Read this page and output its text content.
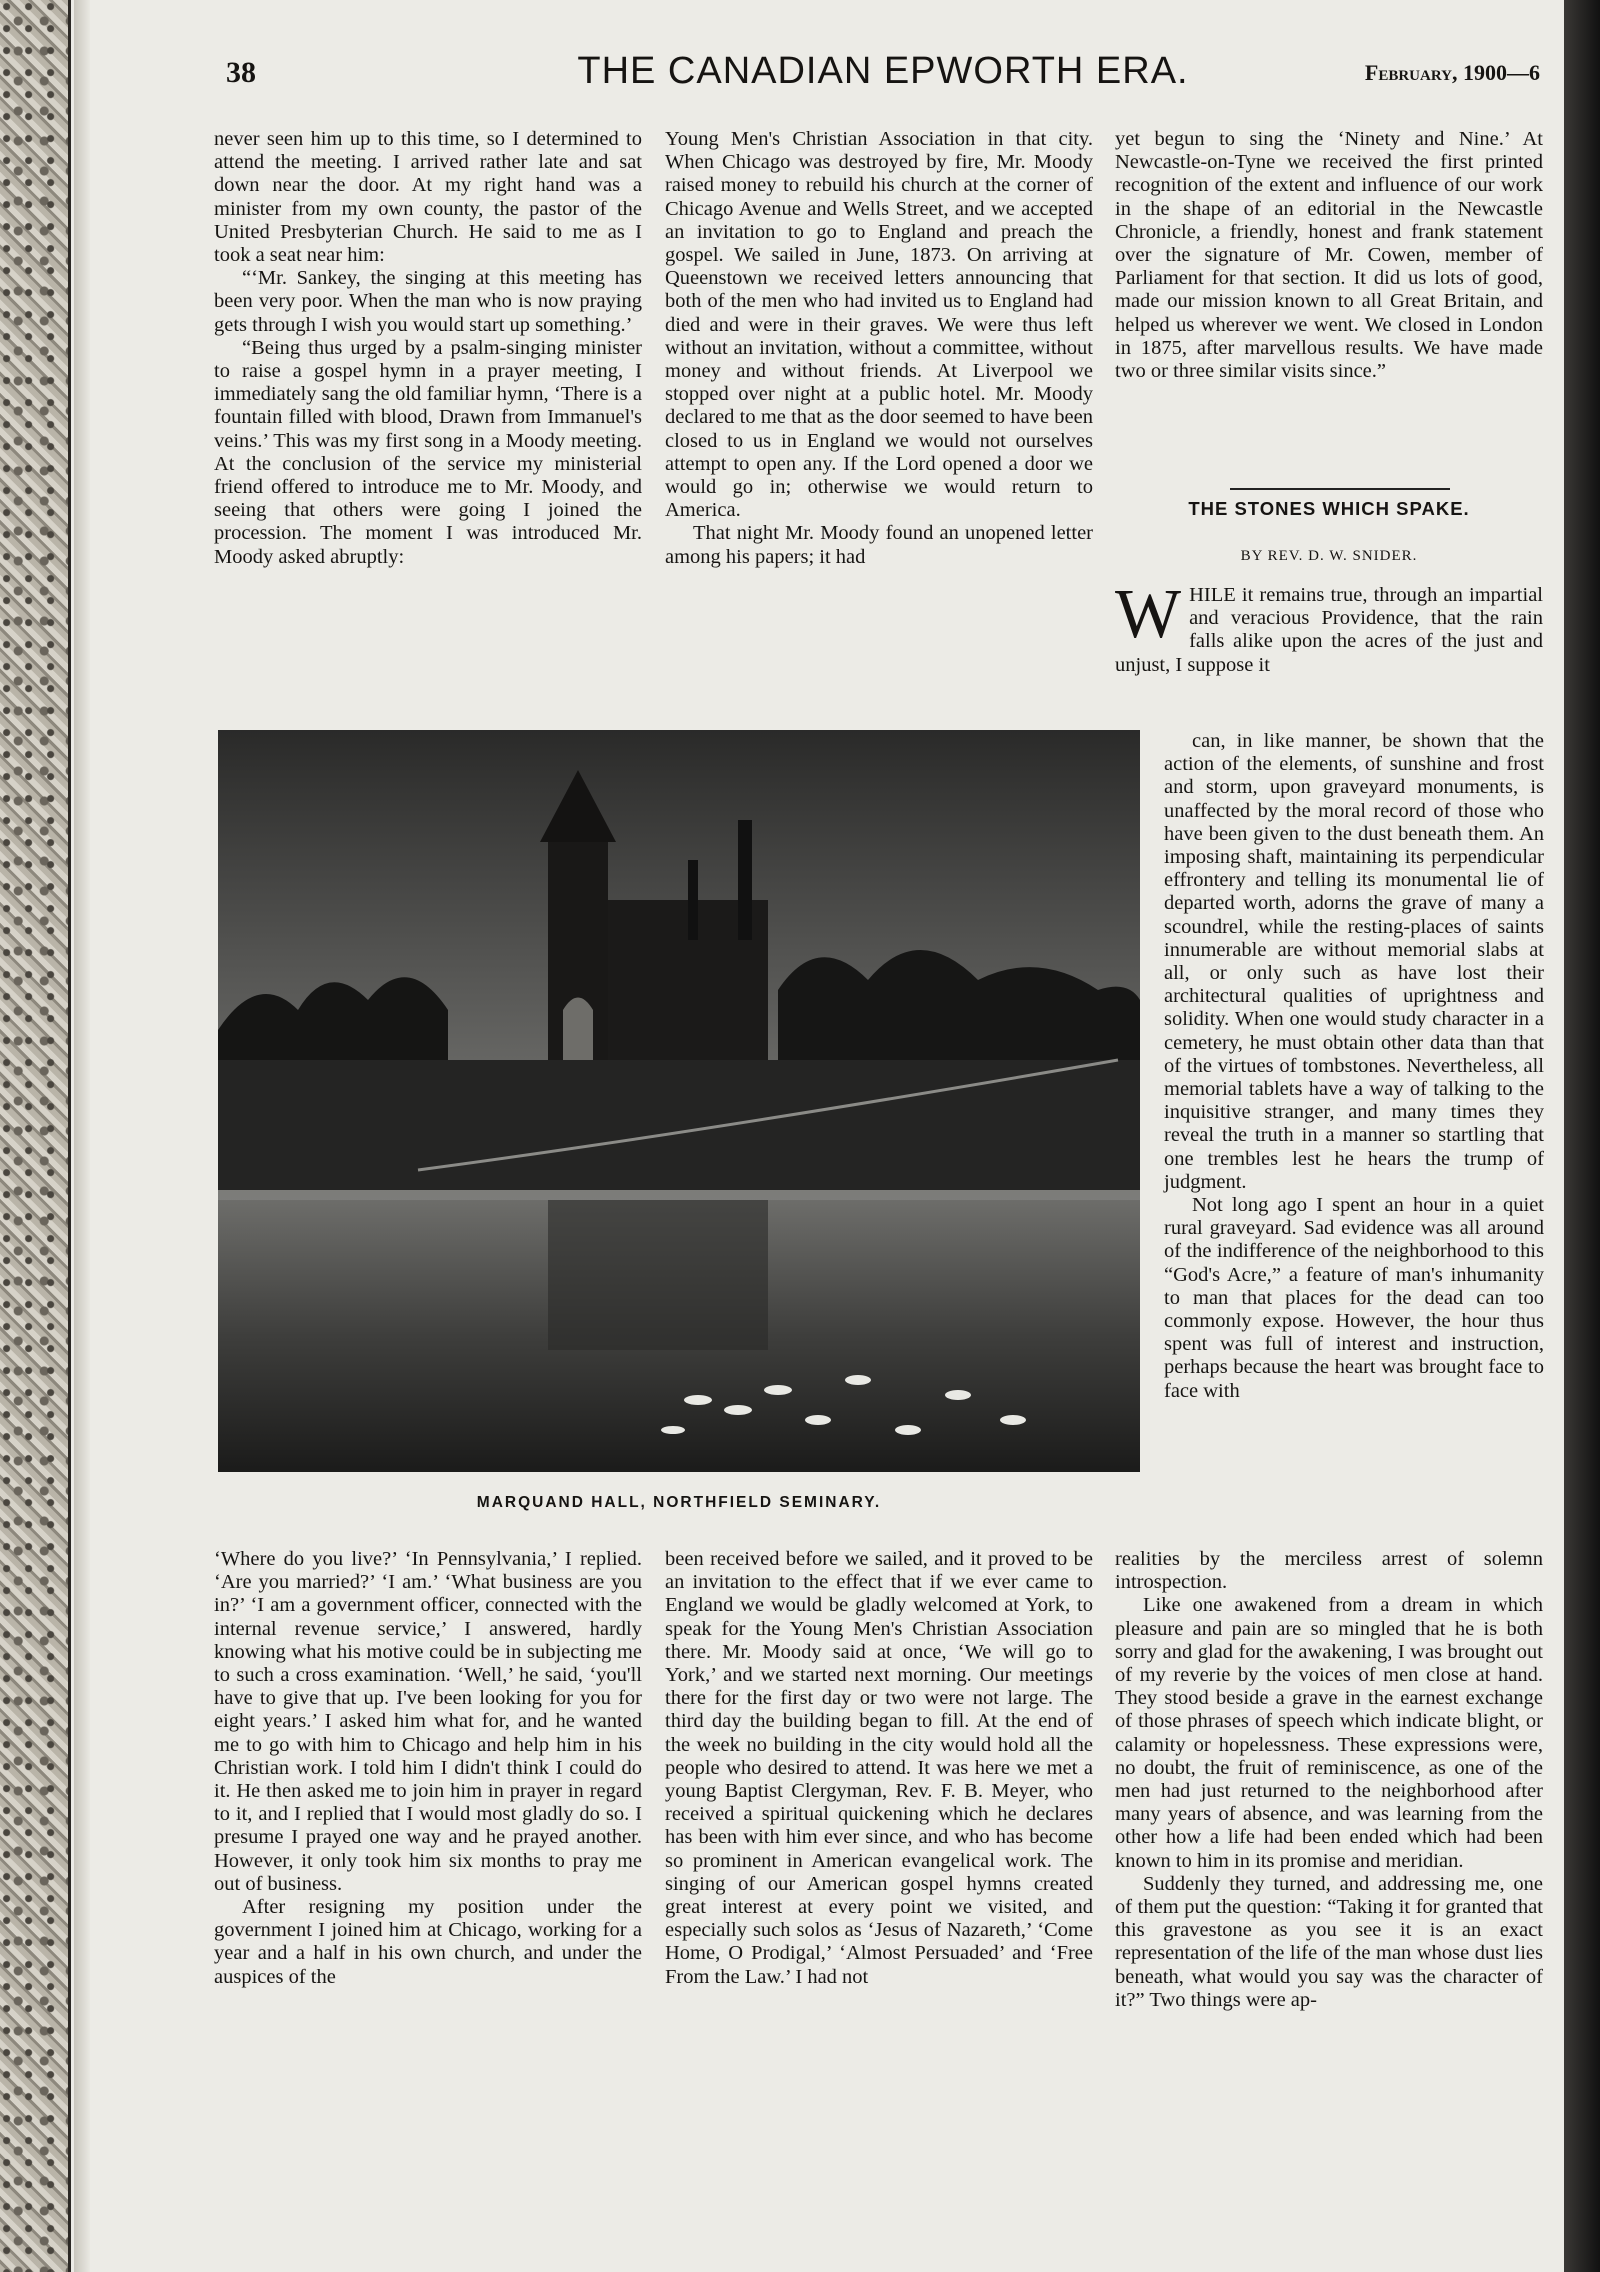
38	THE CANADIAN EPWORTH ERA.	February, 1900—6

never seen him up to this time, so I determined to attend the meeting. I arrived rather late and sat down near the door. At my right hand was a minister from my own county, the pastor of the United Presbyterian Church. He said to me as I took a seat near him:

“‘Mr. Sankey, the singing at this meeting has been very poor. When the man who is now praying gets through I wish you would start up something.’

“Being thus urged by a psalm-singing minister to raise a gospel hymn in a prayer meeting, I immediately sang the old familiar hymn, ‘There is a fountain filled with blood, Drawn from Immanuel's veins.’ This was my first song in a Moody meeting. At the conclusion of the service my ministerial friend offered to introduce me to Mr. Moody, and seeing that others were going I joined the procession. The moment I was introduced Mr. Moody asked abruptly:

Young Men's Christian Association in that city. When Chicago was destroyed by fire, Mr. Moody raised money to rebuild his church at the corner of Chicago Avenue and Wells Street, and we accepted an invitation to go to England and preach the gospel. We sailed in June, 1873. On arriving at Queenstown we received letters announcing that both of the men who had invited us to England had died and were in their graves. We were thus left without an invitation, without a committee, without money and without friends. At Liverpool we stopped over night at a public hotel. Mr. Moody declared to me that as the door seemed to have been closed to us in England we would not ourselves attempt to open any. If the Lord opened a door we would go in; otherwise we would return to America.

That night Mr. Moody found an unopened letter among his papers; it had

yet begun to sing the ‘Ninety and Nine.’ At Newcastle-on-Tyne we received the first printed recognition of the extent and influence of our work in the shape of an editorial in the Newcastle Chronicle, a friendly, honest and frank statement over the signature of Mr. Cowen, member of Parliament for that section. It did us lots of good, made our mission known to all Great Britain, and helped us wherever we went. We closed in London in 1875, after marvellous results. We have made two or three similar visits since.”

THE STONES WHICH SPAKE.
BY REV. D. W. SNIDER.
WHILE it remains true, through an impartial and veracious Providence, that the rain falls alike upon the acres of the just and unjust, I suppose it
MARQUAND HALL, NORTHFIELD SEMINARY.

can, in like manner, be shown that the action of the elements, of sunshine and frost and storm, upon graveyard monuments, is unaffected by the moral record of those who have been given to the dust beneath them. An imposing shaft, maintaining its perpendicular effrontery and telling its monumental lie of departed worth, adorns the grave of many a scoundrel, while the resting-places of saints innumerable are without memorial slabs at all, or only such as have lost their architectural qualities of uprightness and solidity. When one would study character in a cemetery, he must obtain other data than that of the virtues of tombstones. Nevertheless, all memorial tablets have a way of talking to the inquisitive stranger, and many times they reveal the truth in a manner so startling that one trembles lest he hears the trump of judgment.

Not long ago I spent an hour in a quiet rural graveyard. Sad evidence was all around of the indifference of the neighborhood to this “God's Acre,” a feature of man's inhumanity to man that places for the dead can too commonly expose. However, the hour thus spent was full of interest and instruction, perhaps because the heart was brought face to face with

‘Where do you live?’ ‘In Pennsylvania,’ I replied. ‘Are you married?’ ‘I am.’ ‘What business are you in?’ ‘I am a government officer, connected with the internal revenue service,’ I answered, hardly knowing what his motive could be in subjecting me to such a cross examination. ‘Well,’ he said, ‘you'll have to give that up. I've been looking for you for eight years.’ I asked him what for, and he wanted me to go with him to Chicago and help him in his Christian work. I told him I didn't think I could do it. He then asked me to join him in prayer in regard to it, and I replied that I would most gladly do so. I presume I prayed one way and he prayed another. However, it only took him six months to pray me out of business.

After resigning my position under the government I joined him at Chicago, working for a year and a half in his own church, and under the auspices of the

been received before we sailed, and it proved to be an invitation to the effect that if we ever came to England we would be gladly welcomed at York, to speak for the Young Men's Christian Association there. Mr. Moody said at once, ‘We will go to York,’ and we started next morning. Our meetings there for the first day or two were not large. The third day the building began to fill. At the end of the week no building in the city would hold all the people who desired to attend. It was here we met a young Baptist Clergyman, Rev. F. B. Meyer, who received a spiritual quickening which he declares has been with him ever since, and who has become so prominent in American evangelical work. The singing of our American gospel hymns created great interest at every point we visited, and especially such solos as ‘Jesus of Nazareth,’ ‘Come Home, O Prodigal,’ ‘Almost Persuaded’ and ‘Free From the Law.’ I had not

realities by the merciless arrest of solemn introspection.

Like one awakened from a dream in which pleasure and pain are so mingled that he is both sorry and glad for the awakening, I was brought out of my reverie by the voices of men close at hand. They stood beside a grave in the earnest exchange of those phrases of speech which indicate blight, or calamity or hopelessness. These expressions were, no doubt, the fruit of reminiscence, as one of the men had just returned to the neighborhood after many years of absence, and was learning from the other how a life had been ended which had been known to him in its promise and meridian.

Suddenly they turned, and addressing me, one of them put the question: “Taking it for granted that this gravestone as you see it is an exact representation of the life of the man whose dust lies beneath, what would you say was the character of it?” Two things were ap-
